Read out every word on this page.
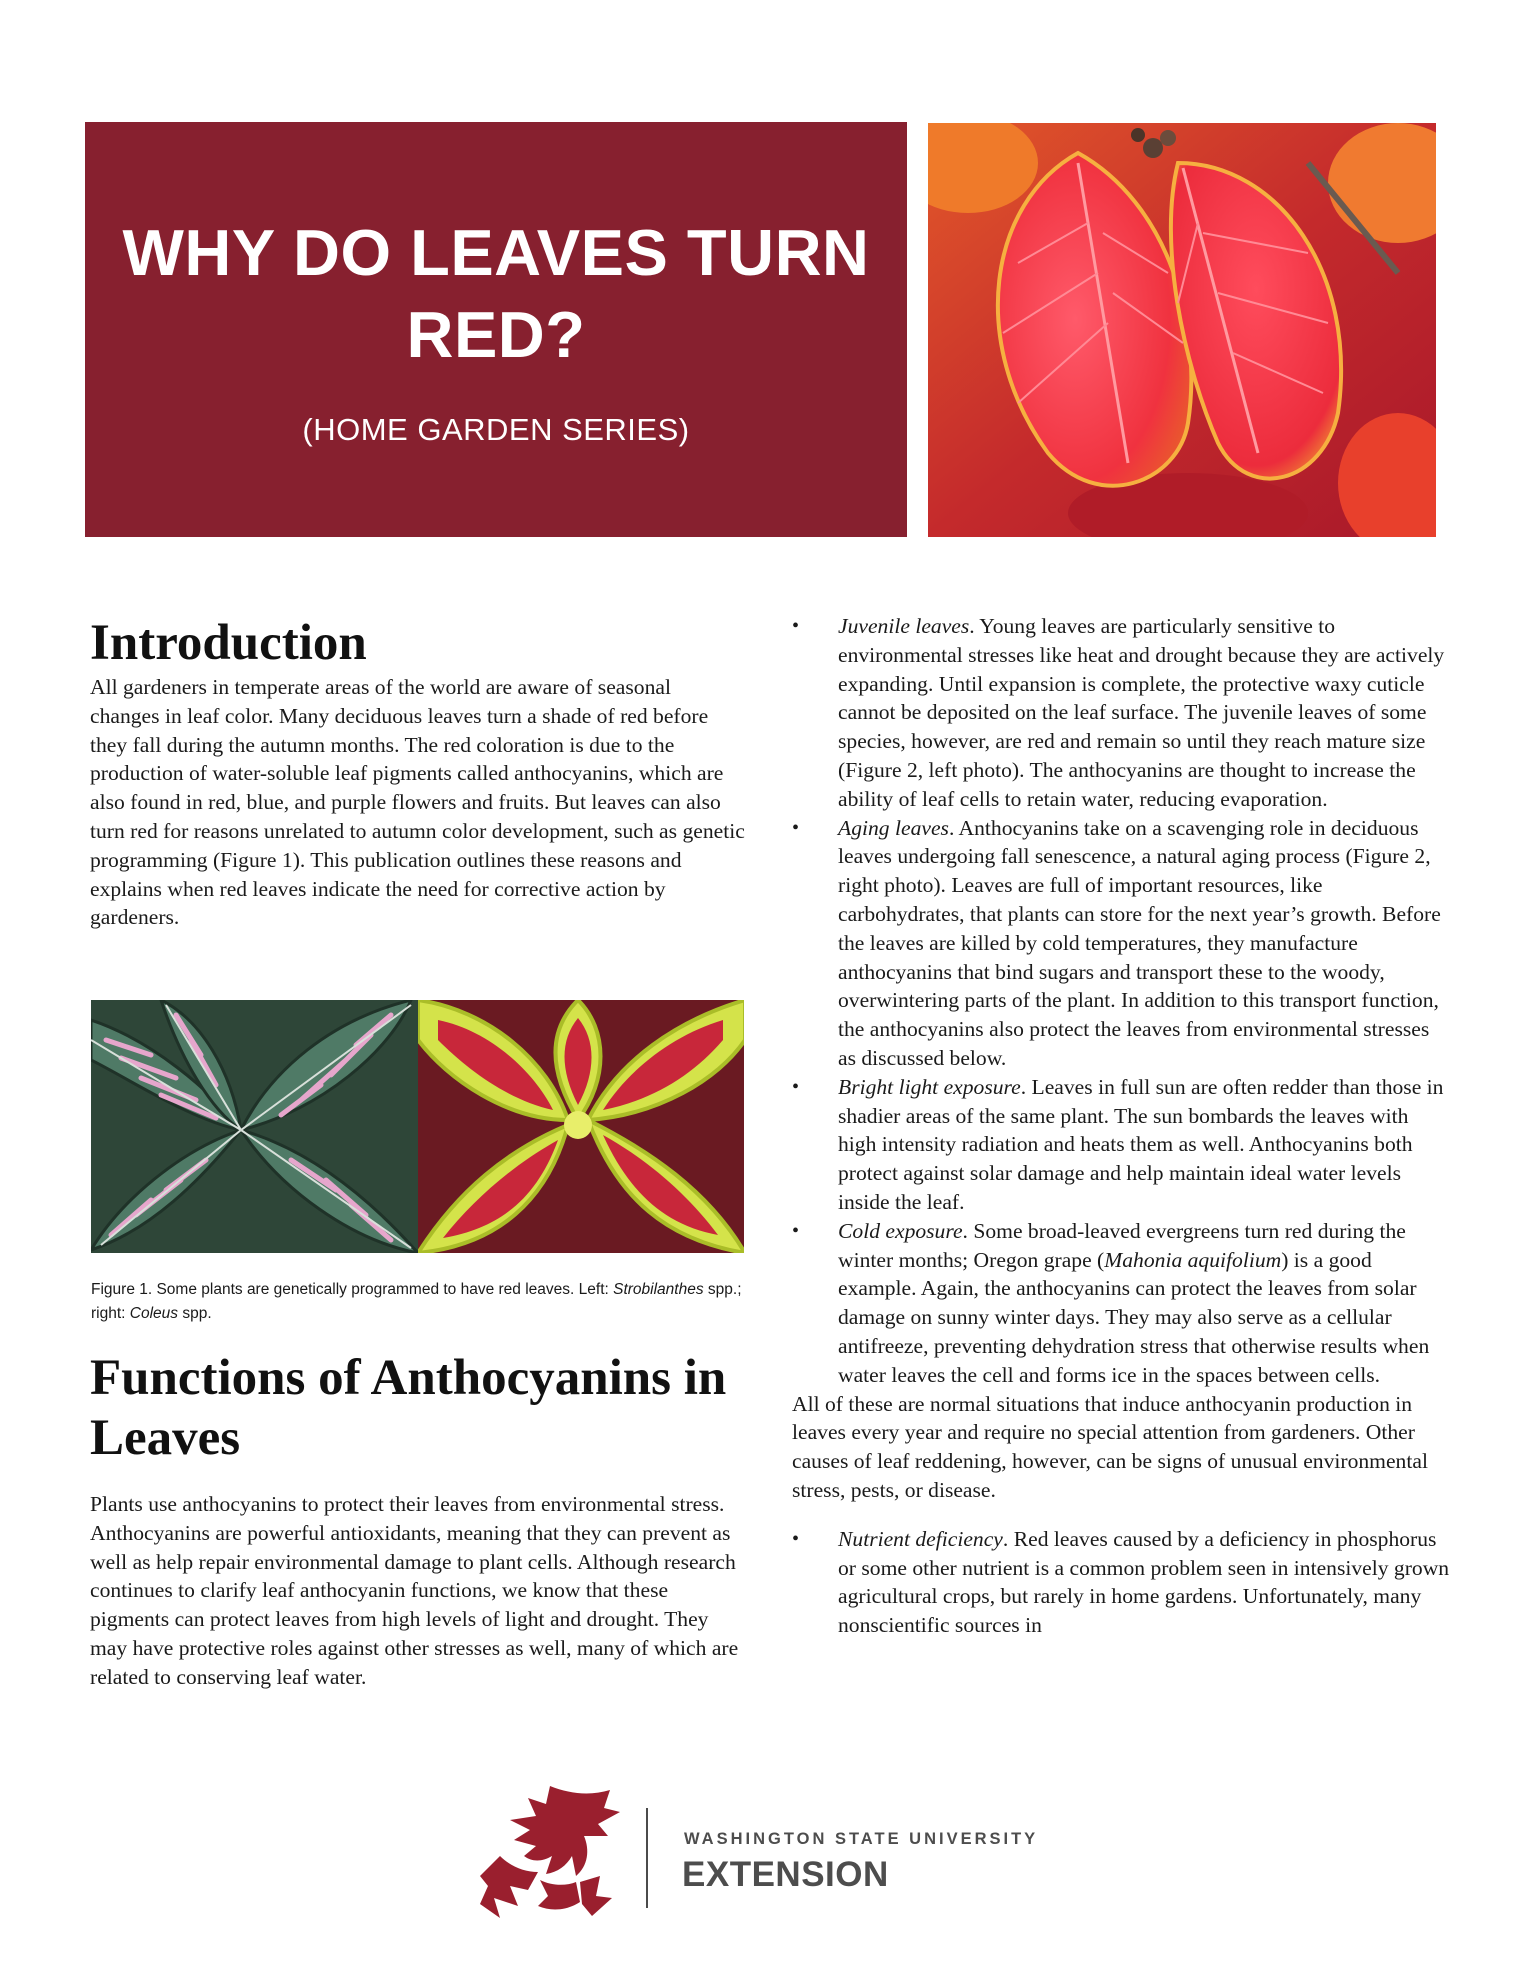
WHY DO LEAVES TURN RED?
(HOME GARDEN SERIES)
Introduction

All gardeners in temperate areas of the world are aware of seasonal changes in leaf color. Many deciduous leaves turn a shade of red before they fall during the autumn months. The red coloration is due to the production of water-soluble leaf pigments called anthocyanins, which are also found in red, blue, and purple flowers and fruits. But leaves can also turn red for reasons unrelated to autumn color development, such as genetic programming (Figure 1). This publication outlines these reasons and explains when red leaves indicate the need for corrective action by gardeners.

Figure 1. Some plants are genetically programmed to have red leaves. Left: Strobilanthes spp.; right: Coleus spp.
Functions of Anthocyanins in Leaves

Plants use anthocyanins to protect their leaves from environmental stress. Anthocyanins are powerful antioxidants, meaning that they can prevent as well as help repair environmental damage to plant cells. Although research continues to clarify leaf anthocyanin functions, we know that these pigments can protect leaves from high levels of light and drought. They may have protective roles against other stresses as well, many of which are related to conserving leaf water.

•	Juvenile leaves. Young leaves are particularly sensitive to environmental stresses like heat and drought because they are actively expanding. Until expansion is complete, the protective waxy cuticle cannot be deposited on the leaf surface. The juvenile leaves of some species, however, are red and remain so until they reach mature size (Figure 2, left photo). The anthocyanins are thought to increase the ability of leaf cells to retain water, reducing evaporation.

•	Aging leaves. Anthocyanins take on a scavenging role in deciduous leaves undergoing fall senescence, a natural aging process (Figure 2, right photo). Leaves are full of important resources, like carbohydrates, that plants can store for the next year’s growth. Before the leaves are killed by cold temperatures, they manufacture anthocyanins that bind sugars and transport these to the woody, overwintering parts of the plant. In addition to this transport function, the anthocyanins also protect the leaves from environmental stresses as discussed below.

•	Bright light exposure. Leaves in full sun are often redder than those in shadier areas of the same plant. The sun bombards the leaves with high intensity radiation and heats them as well. Anthocyanins both protect against solar damage and help maintain ideal water levels inside the leaf.

•	Cold exposure. Some broad-leaved evergreens turn red during the winter months; Oregon grape (Mahonia aquifolium) is a good example. Again, the anthocyanins can protect the leaves from solar damage on sunny winter days. They may also serve as a cellular antifreeze, preventing dehydration stress that otherwise results when water leaves the cell and forms ice in the spaces between cells.

All of these are normal situations that induce anthocyanin production in leaves every year and require no special attention from gardeners. Other causes of leaf reddening, however, can be signs of unusual environmental stress, pests, or disease.

•	Nutrient deficiency. Red leaves caused by a deficiency in phosphorus or some other nutrient is a common problem seen in intensively grown agricultural crops, but rarely in home gardens. Unfortunately, many nonscientific sources in

WASHINGTON STATE UNIVERSITY
EXTENSION
